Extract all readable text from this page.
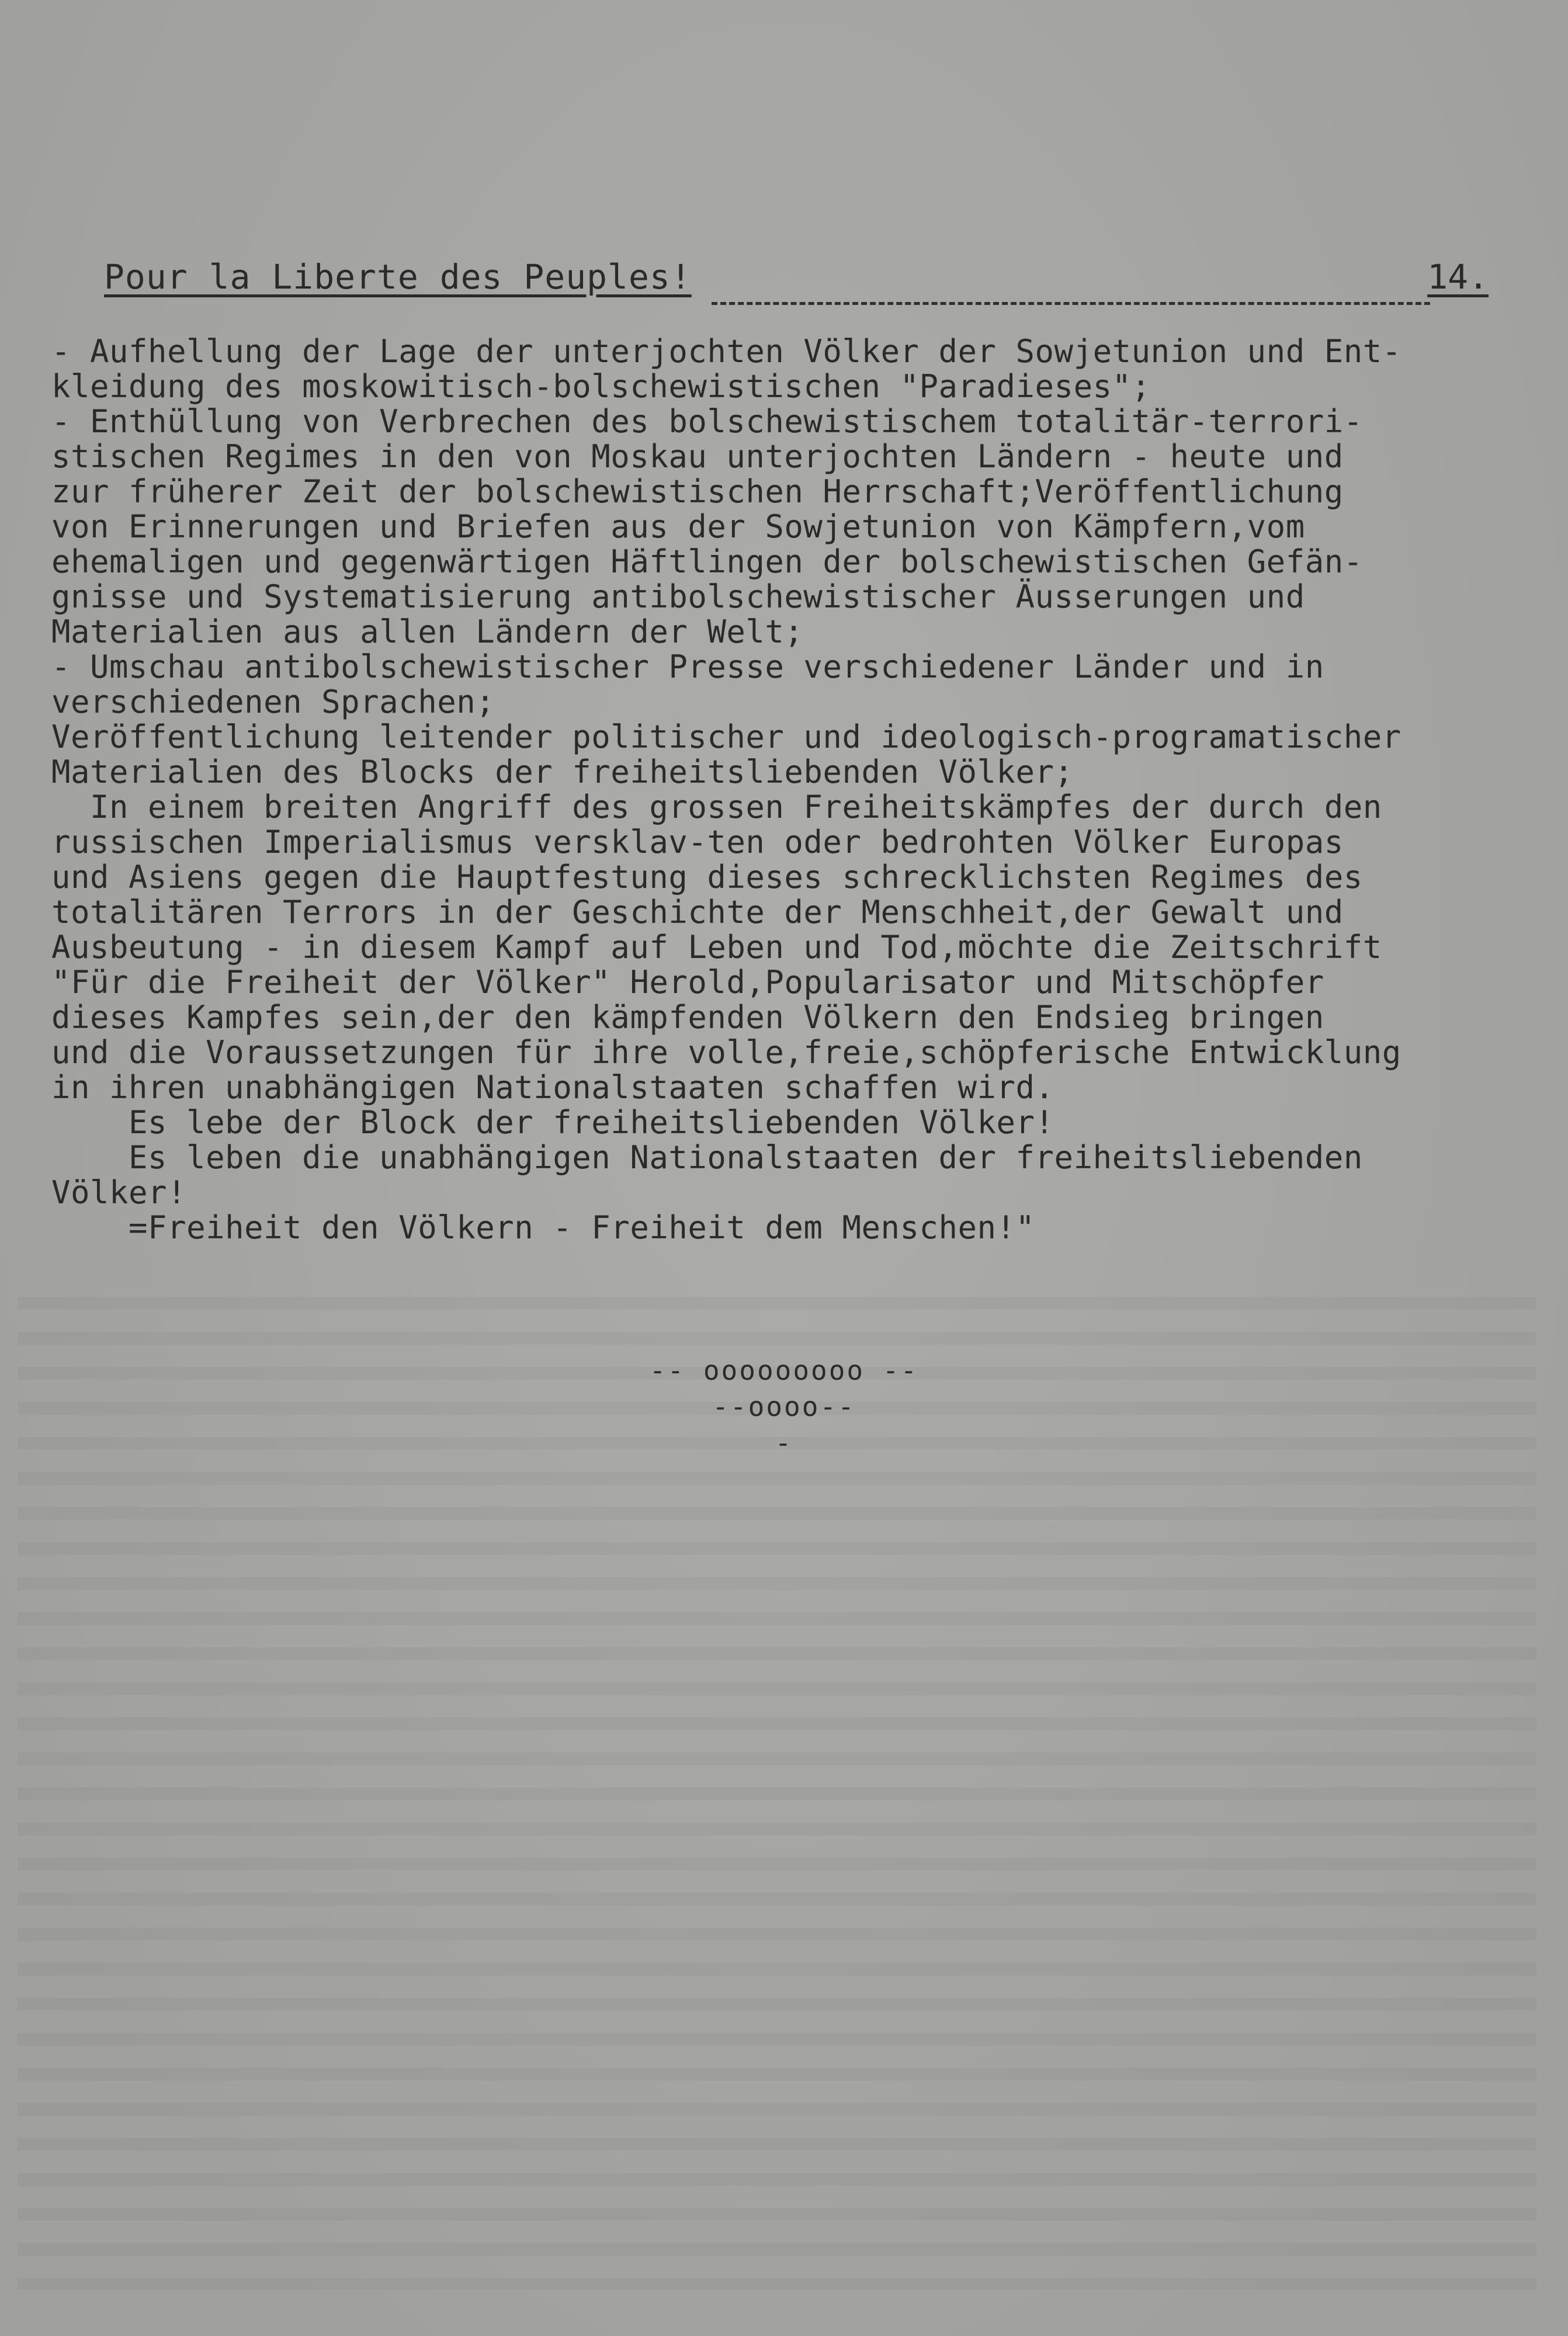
Pour la Liberte des Peuples!	14.
- Aufhellung der Lage der unterjochten Völker der Sowjetunion und Ent-
kleidung des moskowitisch-bolschewistischen "Paradieses";
- Enthüllung von Verbrechen des bolschewistischem totalitär-terrori-
stischen Regimes in den von Moskau unterjochten Ländern - heute und
zur früherer Zeit der bolschewistischen Herrschaft;Veröffentlichung
von Erinnerungen und Briefen aus der Sowjetunion von Kämpfern,vom
ehemaligen und gegenwärtigen Häftlingen der bolschewistischen Gefän-
gnisse und Systematisierung antibolschewistischer Äusserungen und
Materialien aus allen Ländern der Welt;
- Umschau antibolschewistischer Presse verschiedener Länder und in
verschiedenen Sprachen;
Veröffentlichung leitender politischer und ideologisch-programatischer
Materialien des Blocks der freiheitsliebenden Völker;
In einem breiten Angriff des grossen Freiheitskämpfes der durch den
russischen Imperialismus versklav-ten oder bedrohten Völker Europas
und Asiens gegen die Hauptfestung dieses schrecklichsten Regimes des
totalitären Terrors in der Geschichte der Menschheit,der Gewalt und
Ausbeutung - in diesem Kampf auf Leben und Tod,möchte die Zeitschrift
"Für die Freiheit der Völker" Herold,Popularisator und Mitschöpfer
dieses Kampfes sein,der den kämpfenden Völkern den Endsieg bringen
und die Voraussetzungen für ihre volle,freie,schöpferische Entwicklung
in ihren unabhängigen Nationalstaaten schaffen wird.
Es lebe der Block der freiheitsliebenden Völker!
Es leben die unabhängigen Nationalstaaten der freiheitsliebenden
Völker!
=Freiheit den Völkern - Freiheit dem Menschen!"
-- ooooooooo --
--oooo--
-
